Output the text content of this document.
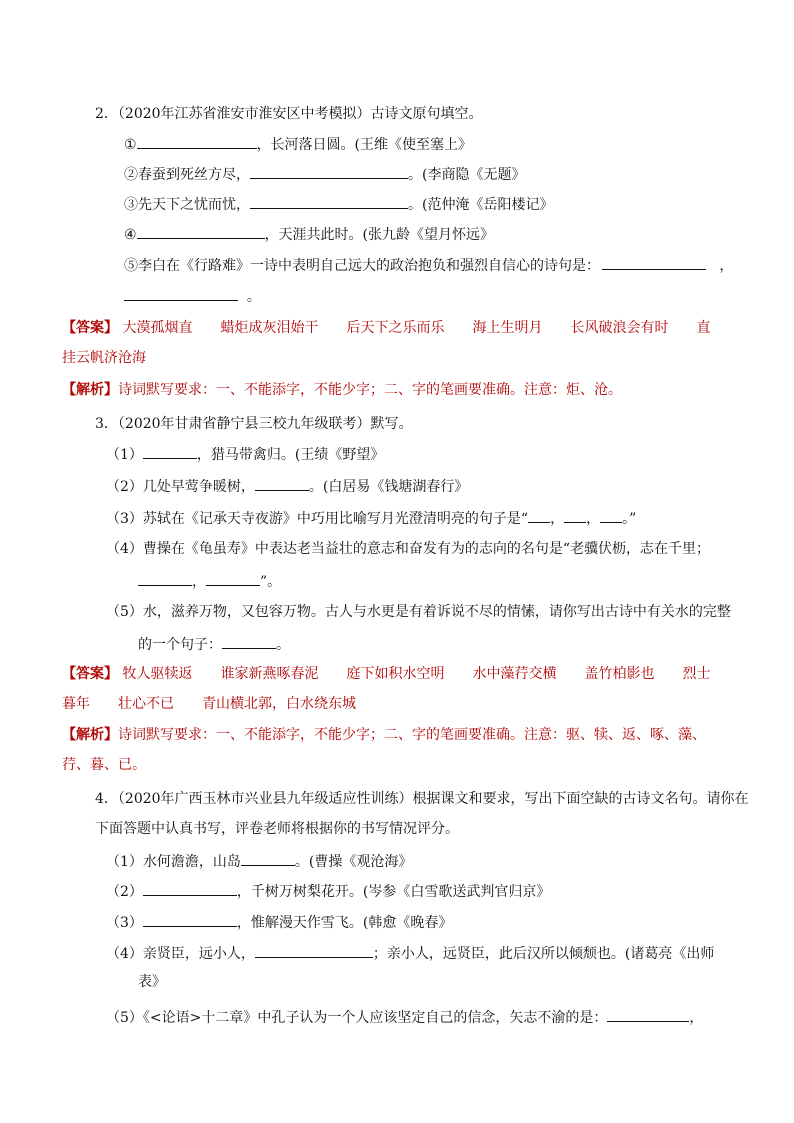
2．（2020年江苏省淮安市淮安区中考模拟）古诗文原句填空。
①	，长河落日圆。(王维《使至塞上》
②春蚕到死丝方尽，	。(李商隐《无题》
③先天下之忧而忧，	。(范仲淹《岳阳楼记》
④	，天涯共此时。(张九龄《望月怀远》
⑤李白在《行路难》一诗中表明自己远大的政治抱负和强烈自信心的诗句是：	，
。
【答案】 大漠孤烟直 蜡炬成灰泪始干 后天下之乐而乐 海上生明月 长风破浪会有时 直
挂云帆济沧海
【解析】诗词默写要求：一、不能添字，不能少字；二、字的笔画要准确。注意：炬、沧。
3．（2020年甘肃省静宁县三校九年级联考）默写。
（1）	，猎马带禽归。(王绩《野望》
（2）几处早莺争暖树，	。(白居易《钱塘湖春行》
（3）苏轼在《记承天寺夜游》中巧用比喻写月光澄清明亮的句子是“ ， ， 。”
（4）曹操在《龟虽寿》中表达老当益壮的意志和奋发有为的志向的名句是“老骥伏枥，志在千里；
，	”。
（5）水，滋养万物，又包容万物。古人与水更是有着诉说不尽的情愫，请你写出古诗中有关水的完整
的一个句子：	。
【答案】 牧人驱犊返 谁家新燕啄春泥 庭下如积水空明 水中藻荇交横 盖竹柏影也 烈士
暮年 壮心不已 青山横北郭，白水绕东城
【解析】诗词默写要求：一、不能添字，不能少字；二、字的笔画要准确。注意：驱、犊、返、啄、藻、
荇、暮、已。
4．（2020年广西玉林市兴业县九年级适应性训练）根据课文和要求，写出下面空缺的古诗文名句。请你在
下面答题中认真书写，评卷老师将根据你的书写情况评分。
（1）水何澹澹，山岛	。(曹操《观沧海》
（2）	，千树万树梨花开。(岑参《白雪歌送武判官归京》
（3）	，惟解漫天作雪飞。(韩愈《晚春》
（4）亲贤臣，远小人，	；亲小人，远贤臣，此后汉所以倾颓也。(诸葛亮《出师
表》
（5）《<论语>十二章》中孔子认为一个人应该坚定自己的信念，矢志不渝的是：	，
